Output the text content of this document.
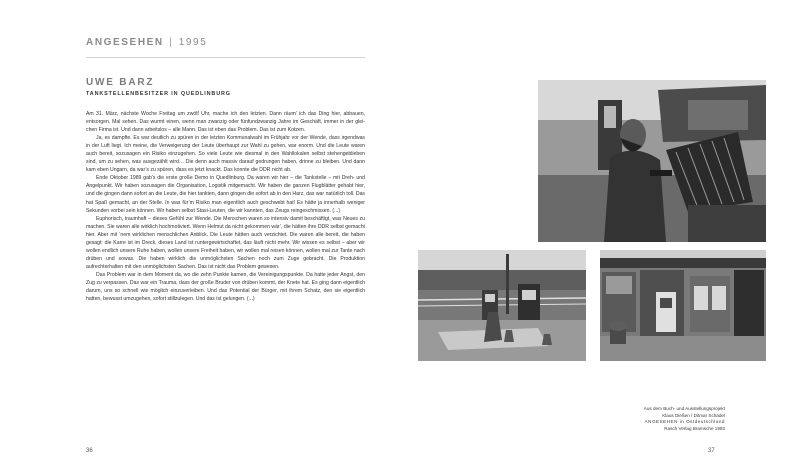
ANGESEHEN | 1995
UWE BARZ
TANKSTELLENBESITZER IN QUEDLINBURG

Am 31. März, nächste Woche Freitag um zwölf Uhr, mache ich den letzten. Dann räum’ ich das Ding hier, abbauen, entsorgen. Mal sehen. Das wurmt einen, wenn man zwanzig oder fünfundzwanzig Jahre im Geschäft, immer in der gleichen Firma ist. Und dann arbeitslos – alle Mann. Das ist eben das Problem. Das ist zum Kotzen.

Ja, es dampfte. Es war deutlich zu spüren in der letzten Kommunalwahl im Frühjahr vor der Wende, dass irgendwas in der Luft liegt. Ich meine, die Verweigerung der Leute überhaupt zur Wahl zu gehen, war enorm. Und die Leute waren auch bereit, sozusagen ein Risiko einzugehen. So viele Leute wie diesmal in den Wahllokalen selbst stehengeblieben sind, um zu sehen, was ausgezählt wird… Die denn auch massiv darauf gedrungen haben, drinne zu bleiben. Und dann kam eben Ungarn, da war’s zu spüren, dass es jetzt knackt. Das konnte die DDR nicht ab.

Ende Oktober 1989 gab’s die erste große Demo in Quedlinburg. Da waren wir hier – die Tankstelle – mit Dreh- und Angelpunkt. Wir haben sozusagen die Organisation, Logistik mitgemacht. Wir haben die ganzen Flugblätter gehabt hier, und die gingen dann sofort an die Leute, die hier tankten, dann gingen die sofort ab in den Harz, das war natürlich toll. Das hat Spaß gemacht, an der Stelle. In was für’m Risiko man eigentlich auch geschwebt hat! Es hätte ja innerhalb weniger Sekunden vorbei sein können. Wir haben selbst Stasi-Leuten, die wir kannten, das Zeugs reingeschmissen. (...)

Euphorisch, traumhaft – dieses Gefühl zur Wende. Die Menschen waren so intensiv damit beschäftigt, was Neues zu machen. Sie waren alle wirklich hochmotiviert. Wenn Helmut da nicht gekommen wär’, die hätten ihre DDR selbst gemacht hier. Aber mit ’nem wirklichen menschlichen Anblick. Die Leute hätten auch verzichtet. Die waren alle bereit, die haben gesagt: die Karre ist im Dreck, dieses Land ist runtergewirtschaftet, das läuft nicht mehr. Wir wissen es selbst – aber wir wollen endlich unsere Ruhe haben, wollen unsere Freiheit haben, wir wollen mal reisen können, wollen mal zur Tante nach drüben und sowas. Die haben wirklich die unmöglichsten Sachen noch zum Zuge gebracht. Die Produktion aufrechterhalten mit den unmöglichsten Sachen. Das ist nicht das Problem gewesen.

Das Problem war in dem Moment da, wo die zehn Punkte kamen, die Vereinigungspunkte. Da hatte jeder Angst, den Zug zu verpassen. Das war ein Trauma, dass der große Bruder von drüben kommt, der Knete hat. Es ging dann eigentlich darum, uns so schnell wie möglich einzuverleiben. Und das Potential der Bürger, mit ihrem Schatz, den sie eigentlich hatten, bewusst umzugehen, sofort stillzulegen. Und das ist gelungen. (...)

Aus dem Buch- und Ausstellungsprojekt
Klaus Dießen / Ditmar Schädel
ANGESEHEN in Ostdeutschland
Rasch Verlag Bramsche 1993
36	37
